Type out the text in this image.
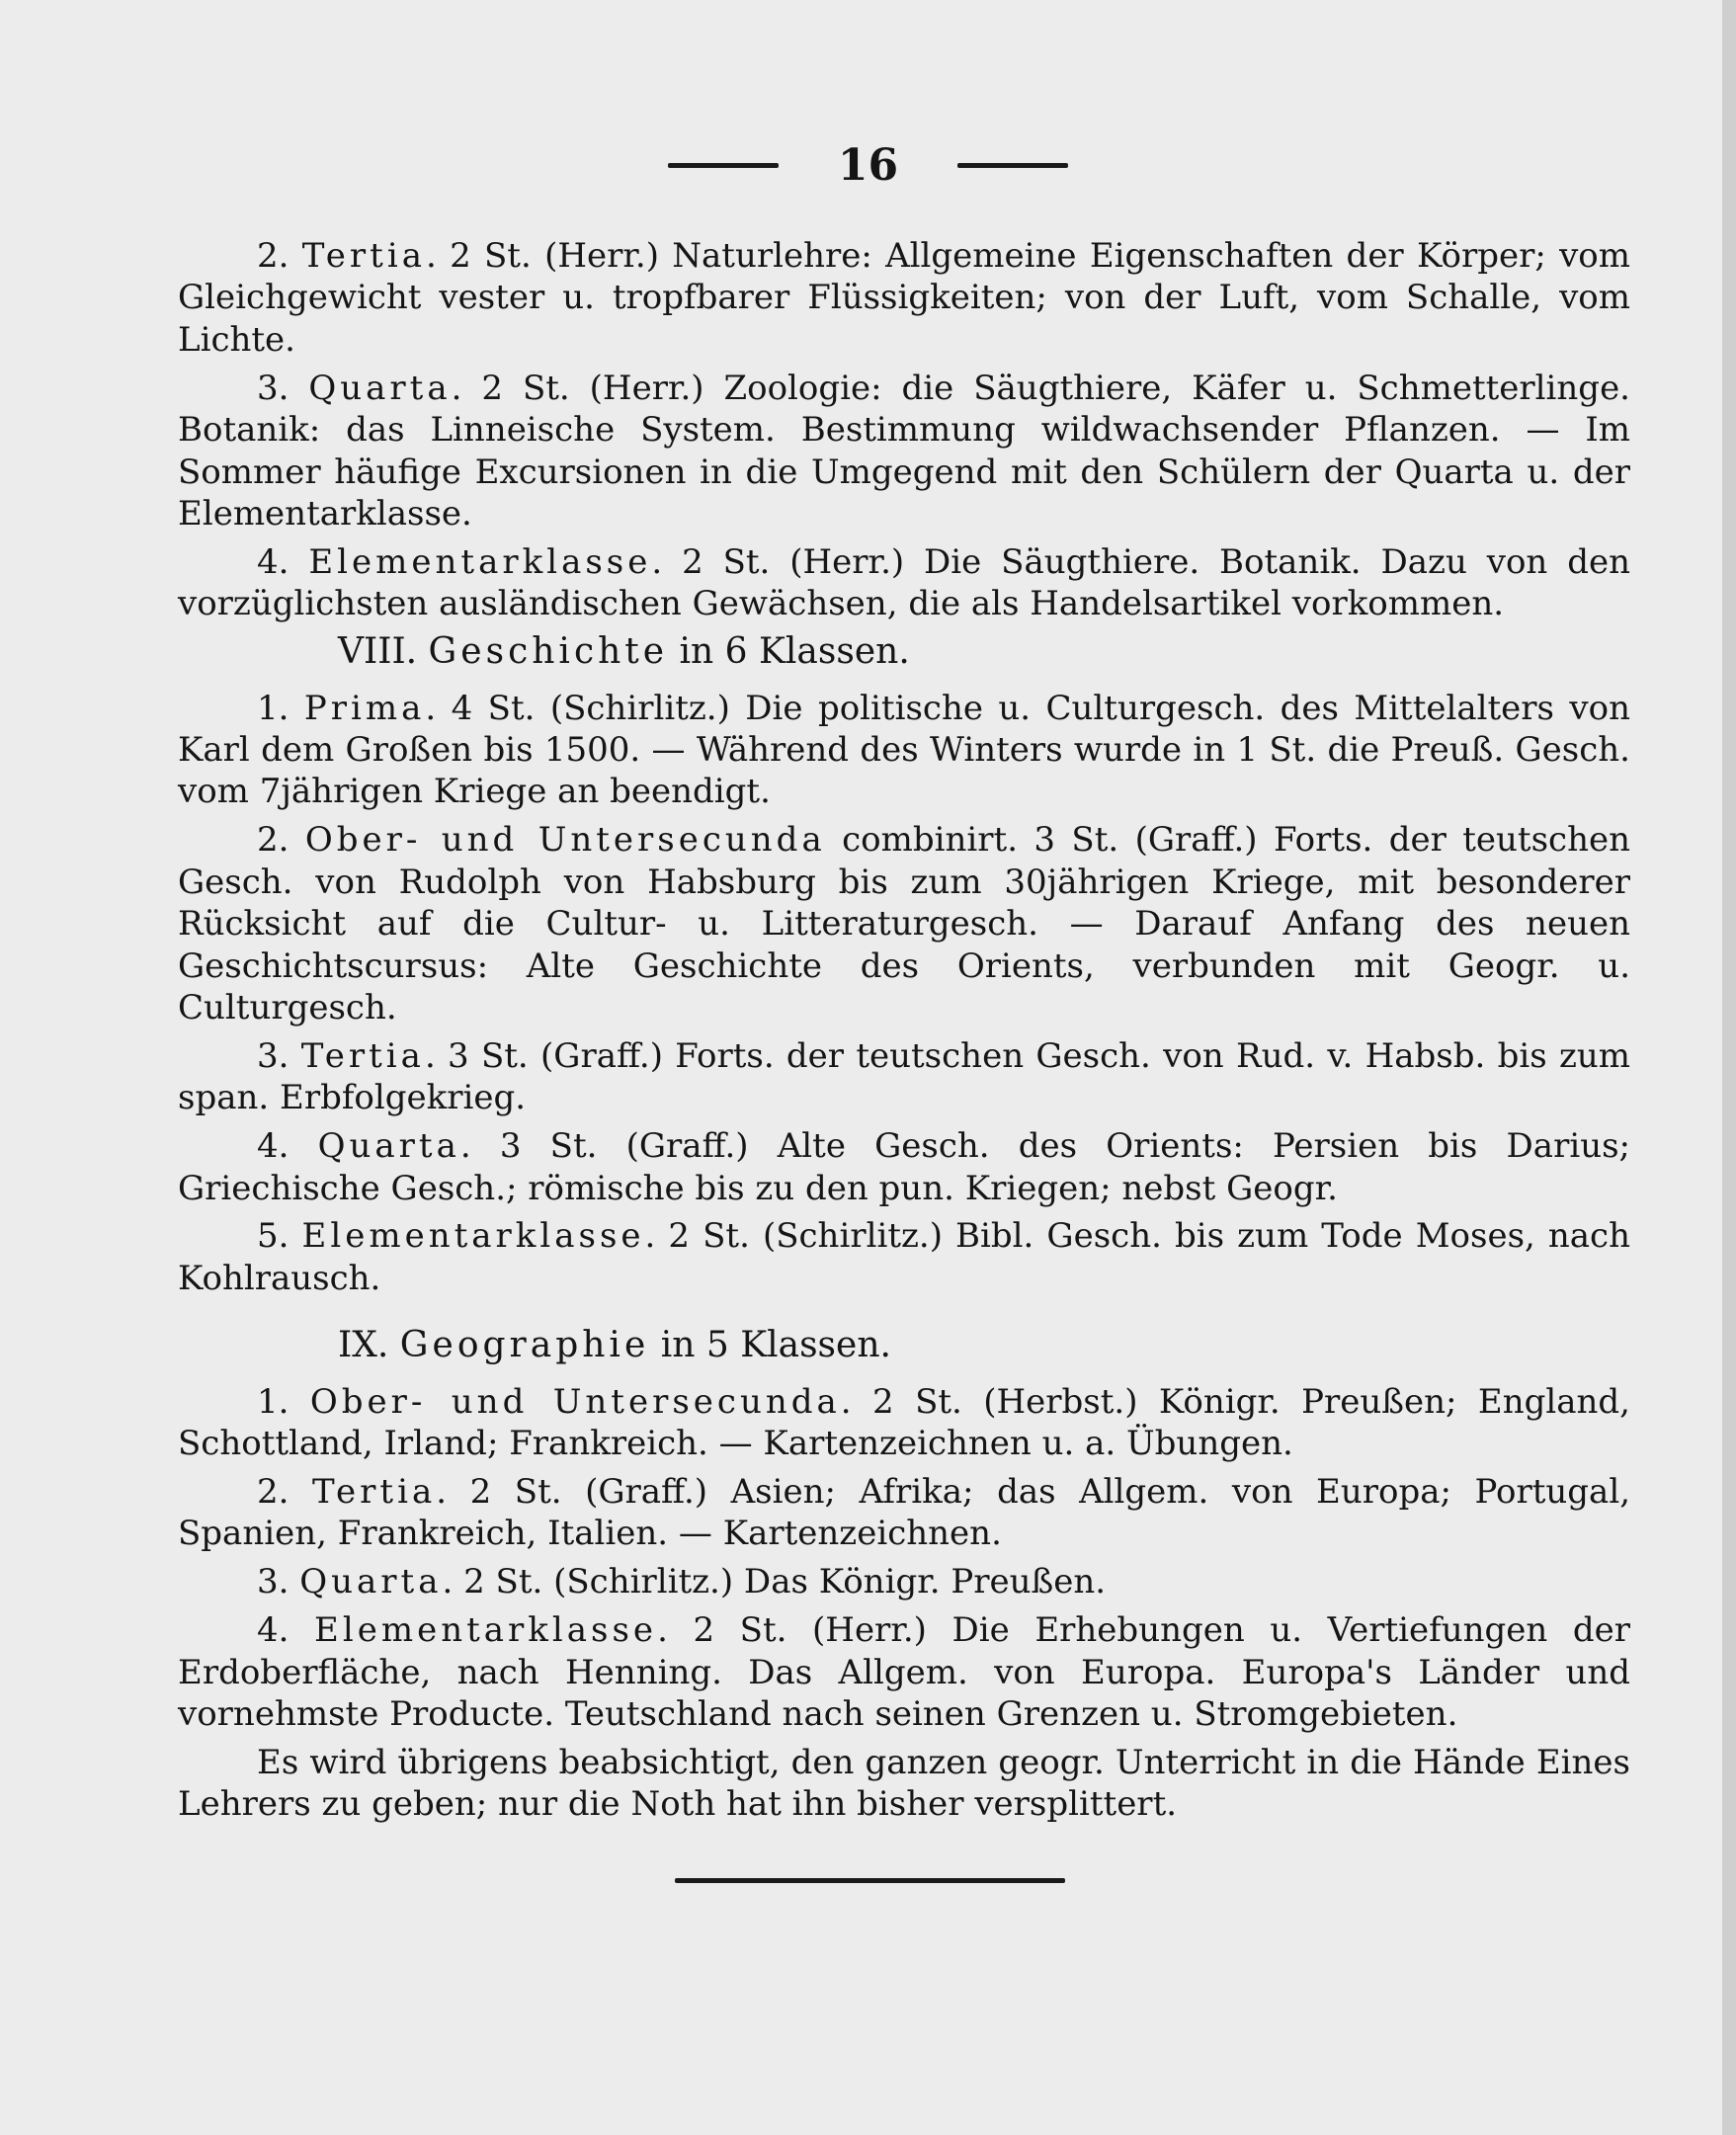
16

2. Tertia. 2 St. (Herr.) Naturlehre: Allgemeine Eigenschaften der Körper; vom Gleichgewicht vester u. tropfbarer Flüssigkeiten; von der Luft, vom Schalle, vom Lichte.

3. Quarta. 2 St. (Herr.) Zoologie: die Säugthiere, Käfer u. Schmetterlinge. Botanik: das Linneische System. Bestimmung wildwachsender Pflanzen. — Im Sommer häufige Excursionen in die Umgegend mit den Schülern der Quarta u. der Elementarklasse.

4. Elementarklasse. 2 St. (Herr.) Die Säugthiere. Botanik. Dazu von den vorzüglichsten ausländischen Gewächsen, die als Handelsartikel vorkommen.

VIII. Geschichte in 6 Klassen.

1. Prima. 4 St. (Schirlitz.) Die politische u. Culturgesch. des Mittelalters von Karl dem Großen bis 1500. — Während des Winters wurde in 1 St. die Preuß. Gesch. vom 7jährigen Kriege an beendigt.

2. Ober- und Untersecunda combinirt. 3 St. (Graff.) Forts. der teutschen Gesch. von Rudolph von Habsburg bis zum 30jährigen Kriege, mit besonderer Rücksicht auf die Cultur- u. Litteraturgesch. — Darauf Anfang des neuen Geschichtscursus: Alte Geschichte des Orients, verbunden mit Geogr. u. Culturgesch.

3. Tertia. 3 St. (Graff.) Forts. der teutschen Gesch. von Rud. v. Habsb. bis zum span. Erbfolgekrieg.

4. Quarta. 3 St. (Graff.) Alte Gesch. des Orients: Persien bis Darius; Griechische Gesch.; römische bis zu den pun. Kriegen; nebst Geogr.

5. Elementarklasse. 2 St. (Schirlitz.) Bibl. Gesch. bis zum Tode Moses, nach Kohlrausch.

IX. Geographie in 5 Klassen.

1. Ober- und Untersecunda. 2 St. (Herbst.) Königr. Preußen; England, Schottland, Irland; Frankreich. — Kartenzeichnen u. a. Übungen.

2. Tertia. 2 St. (Graff.) Asien; Afrika; das Allgem. von Europa; Portugal, Spanien, Frankreich, Italien. — Kartenzeichnen.

3. Quarta. 2 St. (Schirlitz.) Das Königr. Preußen.

4. Elementarklasse. 2 St. (Herr.) Die Erhebungen u. Vertiefungen der Erdoberfläche, nach Henning. Das Allgem. von Europa. Europa's Länder und vornehmste Producte. Teutschland nach seinen Grenzen u. Stromgebieten.

Es wird übrigens beabsichtigt, den ganzen geogr. Unterricht in die Hände Eines Lehrers zu geben; nur die Noth hat ihn bisher versplittert.
